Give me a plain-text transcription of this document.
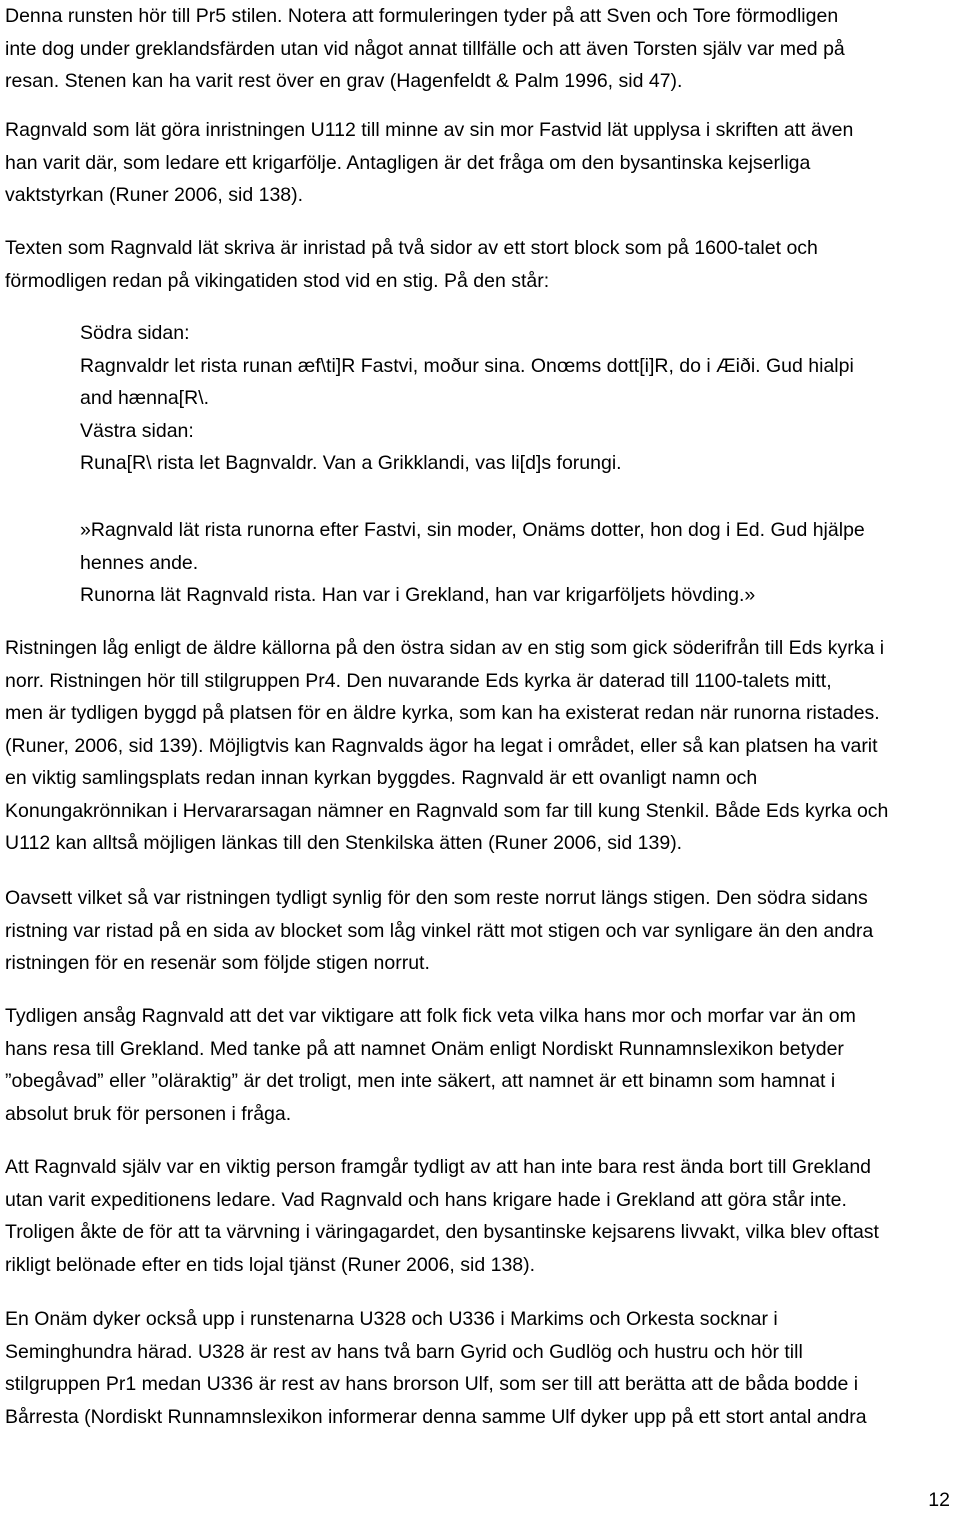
Denna runsten hör till Pr5 stilen. Notera att formuleringen tyder på att Sven och Tore förmodligen
inte dog under greklandsfärden utan vid något annat tillfälle och att även Torsten själv var med på
resan. Stenen kan ha varit rest över en grav (Hagenfeldt & Palm 1996, sid 47).
Ragnvald som lät göra inristningen U112 till minne av sin mor Fastvid lät upplysa i skriften att även
han varit där, som ledare ett krigarfölje. Antagligen är det fråga om den bysantinska kejserliga
vaktstyrkan (Runer 2006, sid 138).
Texten som Ragnvald lät skriva är inristad på två sidor av ett stort block som på 1600-talet och
förmodligen redan på vikingatiden stod vid en stig. På den står:
Södra sidan:
Ragnvaldr let rista runan æf\ti]R Fastvi, moður sina. Onœms dott[i]R, do i Æiði. Gud hialpi
and hænna[R\.
Västra sidan:
Runa[R\ rista let Bagnvaldr. Van a Grikklandi, vas li[d]s forungi.
»Ragnvald lät rista runorna efter Fastvi, sin moder, Onäms dotter, hon dog i Ed. Gud hjälpe
hennes ande.
Runorna lät Ragnvald rista. Han var i Grekland, han var krigarföljets hövding.»
Ristningen låg enligt de äldre källorna på den östra sidan av en stig som gick söderifrån till Eds kyrka i
norr. Ristningen hör till stilgruppen Pr4. Den nuvarande Eds kyrka är daterad till 1100-talets mitt,
men är tydligen byggd på platsen för en äldre kyrka, som kan ha existerat redan när runorna ristades.
(Runer, 2006, sid 139). Möjligtvis kan Ragnvalds ägor ha legat i området, eller så kan platsen ha varit
en viktig samlingsplats redan innan kyrkan byggdes. Ragnvald är ett ovanligt namn och
Konungakrönnikan i Hervararsagan nämner en Ragnvald som far till kung Stenkil. Både Eds kyrka och
U112 kan alltså möjligen länkas till den Stenkilska ätten (Runer 2006, sid 139).
Oavsett vilket så var ristningen tydligt synlig för den som reste norrut längs stigen. Den södra sidans
ristning var ristad på en sida av blocket som låg vinkel rätt mot stigen och var synligare än den andra
ristningen för en resenär som följde stigen norrut.
Tydligen ansåg Ragnvald att det var viktigare att folk fick veta vilka hans mor och morfar var än om
hans resa till Grekland. Med tanke på att namnet Onäm enligt Nordiskt Runnamnslexikon betyder
”obegåvad” eller ”oläraktig” är det troligt, men inte säkert, att namnet är ett binamn som hamnat i
absolut bruk för personen i fråga.
Att Ragnvald själv var en viktig person framgår tydligt av att han inte bara rest ända bort till Grekland
utan varit expeditionens ledare. Vad Ragnvald och hans krigare hade i Grekland att göra står inte.
Troligen åkte de för att ta värvning i väringagardet, den bysantinske kejsarens livvakt, vilka blev oftast
rikligt belönade efter en tids lojal tjänst (Runer 2006, sid 138).
En Onäm dyker också upp i runstenarna U328 och U336 i Markims och Orkesta socknar i
Seminghundra härad. U328 är rest av hans två barn Gyrid och Gudlög och hustru och hör till
stilgruppen Pr1 medan U336 är rest av hans brorson Ulf, som ser till att berätta att de båda bodde i
Bårresta (Nordiskt Runnamnslexikon informerar denna samme Ulf dyker upp på ett stort antal andra
12
